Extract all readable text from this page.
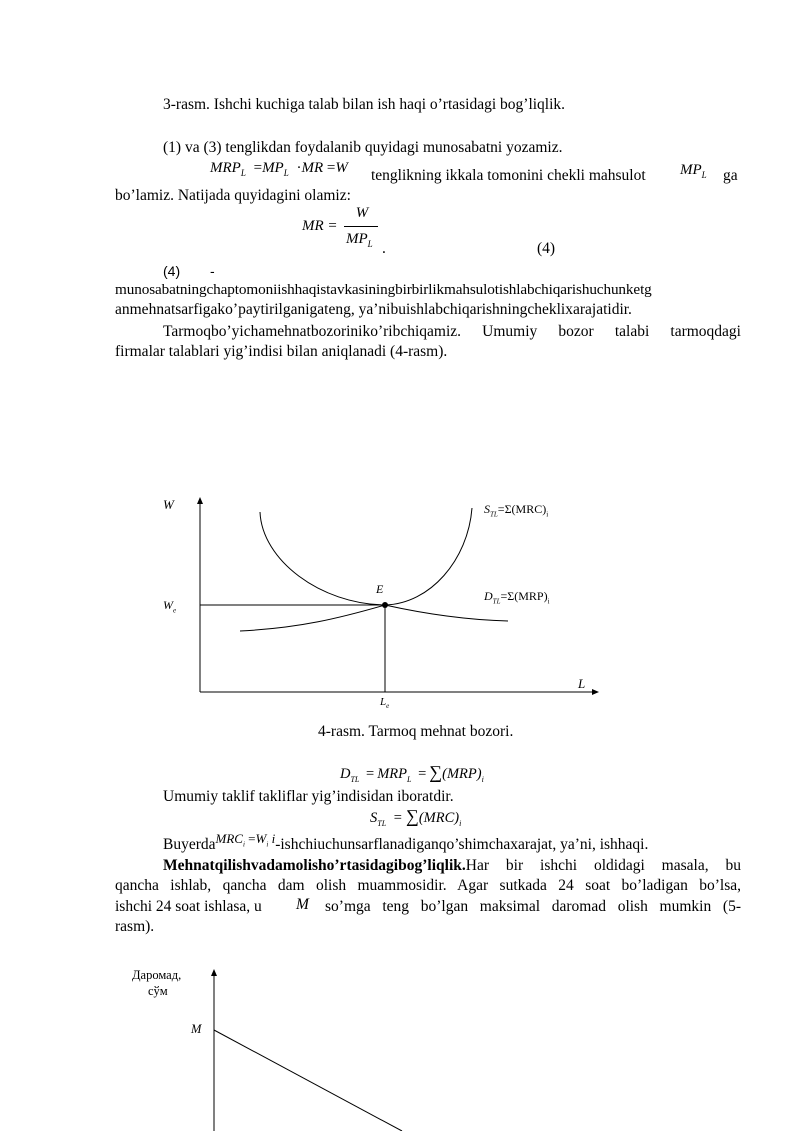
3-rasm. Ishchi kuchiga talab bilan ish haqi o’rtasidagi bog’liqlik.
(1) va (3) tenglikdan foydalanib quyidagi munosabatni yozamiz.
$MRP_L =MP_L \cdot MR =W$ tenglikning ikkala tomonini chekli mahsulot $MP_L$ ga
bo’lamiz. Natijada quyidagini olamiz:
MR =
W
$MP_L$ .	(4)
(4) -
munosabatningchaptomoniishhaqistavkasiningbirbirlikmahsulotishlabchiqarishuchunketg
anmehnatsarfigako’paytirilganigateng, ya’nibuishlabchiqarishningcheklixarajatidir.
Tarmoqbo’yichamehnatbozoriniko’ribchiqamiz. Umumiy bozor talabi tarmoqdagi
firmalar talablari yig’indisi bilan aniqlanadi (4-rasm).
W
L
$W_e$
$L_e$
E
$S_{TL}=\Sigma(MRC)_i$
$D_{TL}=\Sigma(MRP)_i$
4-rasm. Tarmoq mehnat bozori.
$D_{TL} = MRP_L = \sum(MRP)_i$
Umumiy taklif takliflar yig’indisidan iboratdir.
$S_{TL} = \sum(MRC)_i$
Buyerda$^{MRC_i =W_i i}$-ishchiuchunsarflanadiganqo’shimchaxarajat, ya’ni, ishhaqi.
Mehnatqilishvadamolisho’rtasidagibog’liqlik.Har bir ishchi oldidagi masala, bu
qancha ishlab, qancha dam olish muammosidir. Agar sutkada 24 soat bo’ladigan bo’lsa,
ishchi 24 soat ishlasa, u M so’mga teng bo’lgan maksimal daromad olish mumkin (5-
rasm).
Даромад,
сўм
M
